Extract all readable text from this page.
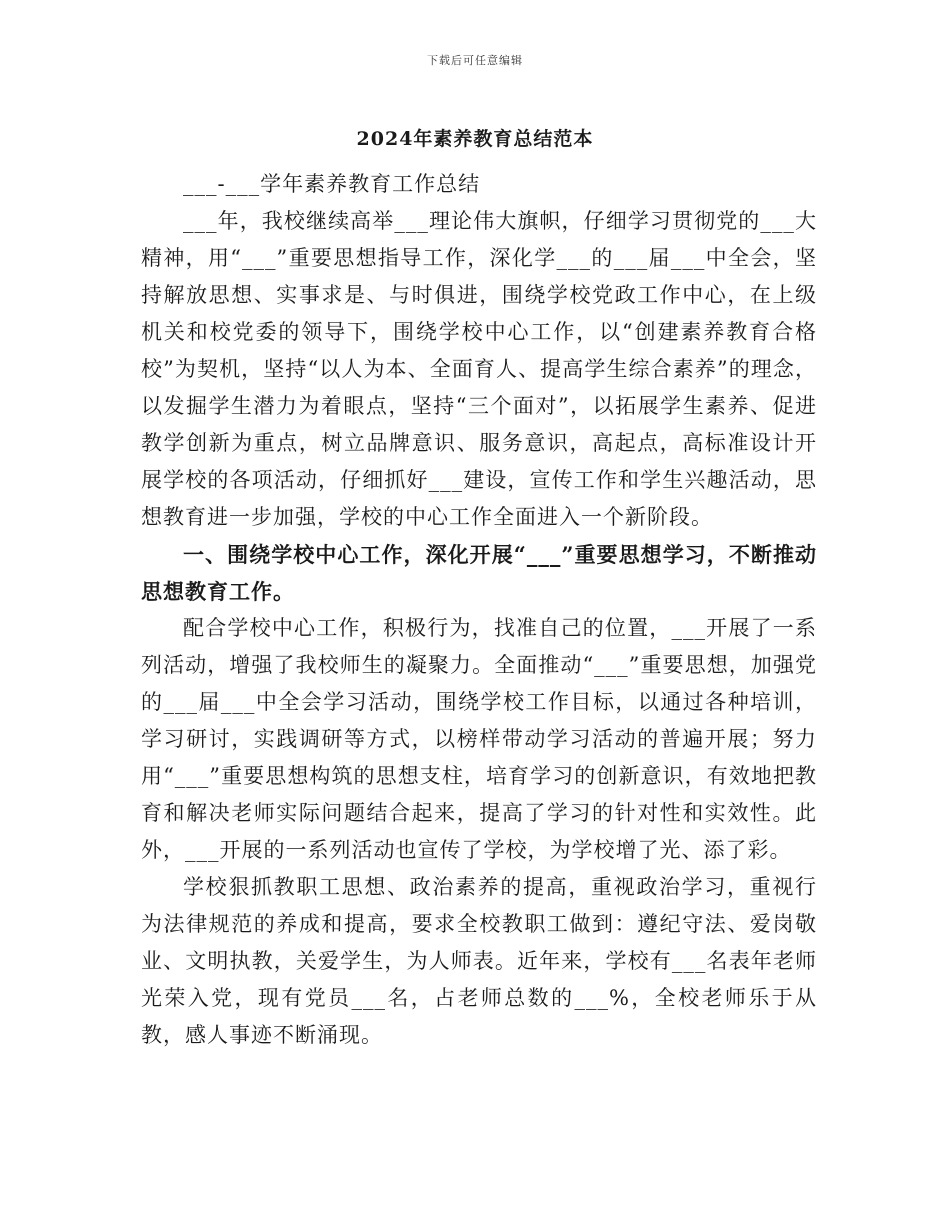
下载后可任意编辑
2024年素养教育总结范本

___-___学年素养教育工作总结

___年，我校继续高举___理论伟大旗帜，仔细学习贯彻党的___大精神，用“___”重要思想指导工作，深化学___的___届___中全会，坚持解放思想、实事求是、与时俱进，围绕学校党政工作中心，在上级机关和校党委的领导下，围绕学校中心工作，以“创建素养教育合格校”为契机，坚持“以人为本、全面育人、提高学生综合素养”的理念，以发掘学生潜力为着眼点，坚持“三个面对”，以拓展学生素养、促进教学创新为重点，树立品牌意识、服务意识，高起点，高标准设计开展学校的各项活动，仔细抓好___建设，宣传工作和学生兴趣活动，思想教育进一步加强，学校的中心工作全面进入一个新阶段。

一、围绕学校中心工作，深化开展“___”重要思想学习，不断推动思想教育工作。

配合学校中心工作，积极行为，找准自己的位置，___开展了一系列活动，增强了我校师生的凝聚力。全面推动“___”重要思想，加强党的___届___中全会学习活动，围绕学校工作目标，以通过各种培训，学习研讨，实践调研等方式，以榜样带动学习活动的普遍开展；努力用“___”重要思想构筑的思想支柱，培育学习的创新意识，有效地把教育和解决老师实际问题结合起来，提高了学习的针对性和实效性。此外，___开展的一系列活动也宣传了学校，为学校增了光、添了彩。

学校狠抓教职工思想、政治素养的提高，重视政治学习，重视行为法律规范的养成和提高，要求全校教职工做到：遵纪守法、爱岗敬业、文明执教，关爱学生，为人师表。近年来，学校有___名表年老师光荣入党，现有党员___名，占老师总数的___%，全校老师乐于从教，感人事迹不断涌现。
